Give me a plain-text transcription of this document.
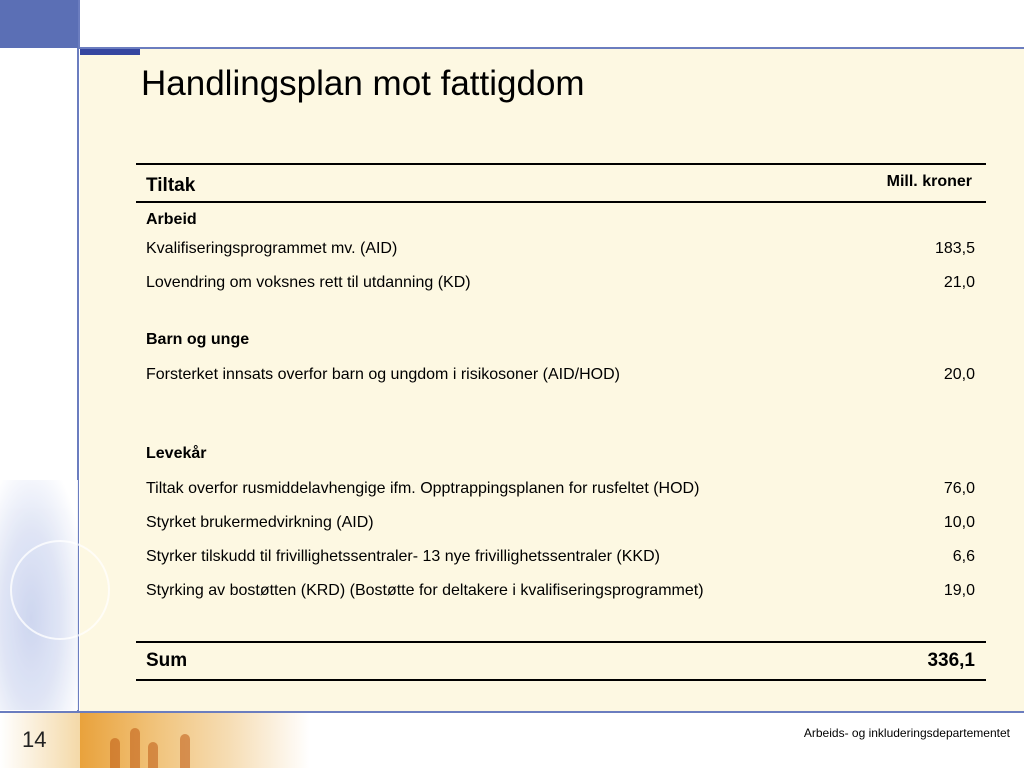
Handlingsplan mot fattigdom
Tiltak	Mill. kroner
Arbeid
Kvalifiseringsprogrammet mv. (AID)	183,5
Lovendring om voksnes rett til utdanning (KD)	21,0
Barn og unge
Forsterket innsats overfor barn og ungdom i risikosoner (AID/HOD)	20,0
Levekår
Tiltak overfor rusmiddelavhengige ifm. Opptrappingsplanen for rusfeltet (HOD)	76,0
Styrket brukermedvirkning (AID)	10,0
Styrker tilskudd til frivillighetssentraler- 13 nye frivillighetssentraler (KKD)	6,6
Styrking av bostøtten (KRD) (Bostøtte for deltakere i kvalifiseringsprogrammet)	19,0
Sum	336,1
14	Arbeids- og inkluderingsdepartementet
